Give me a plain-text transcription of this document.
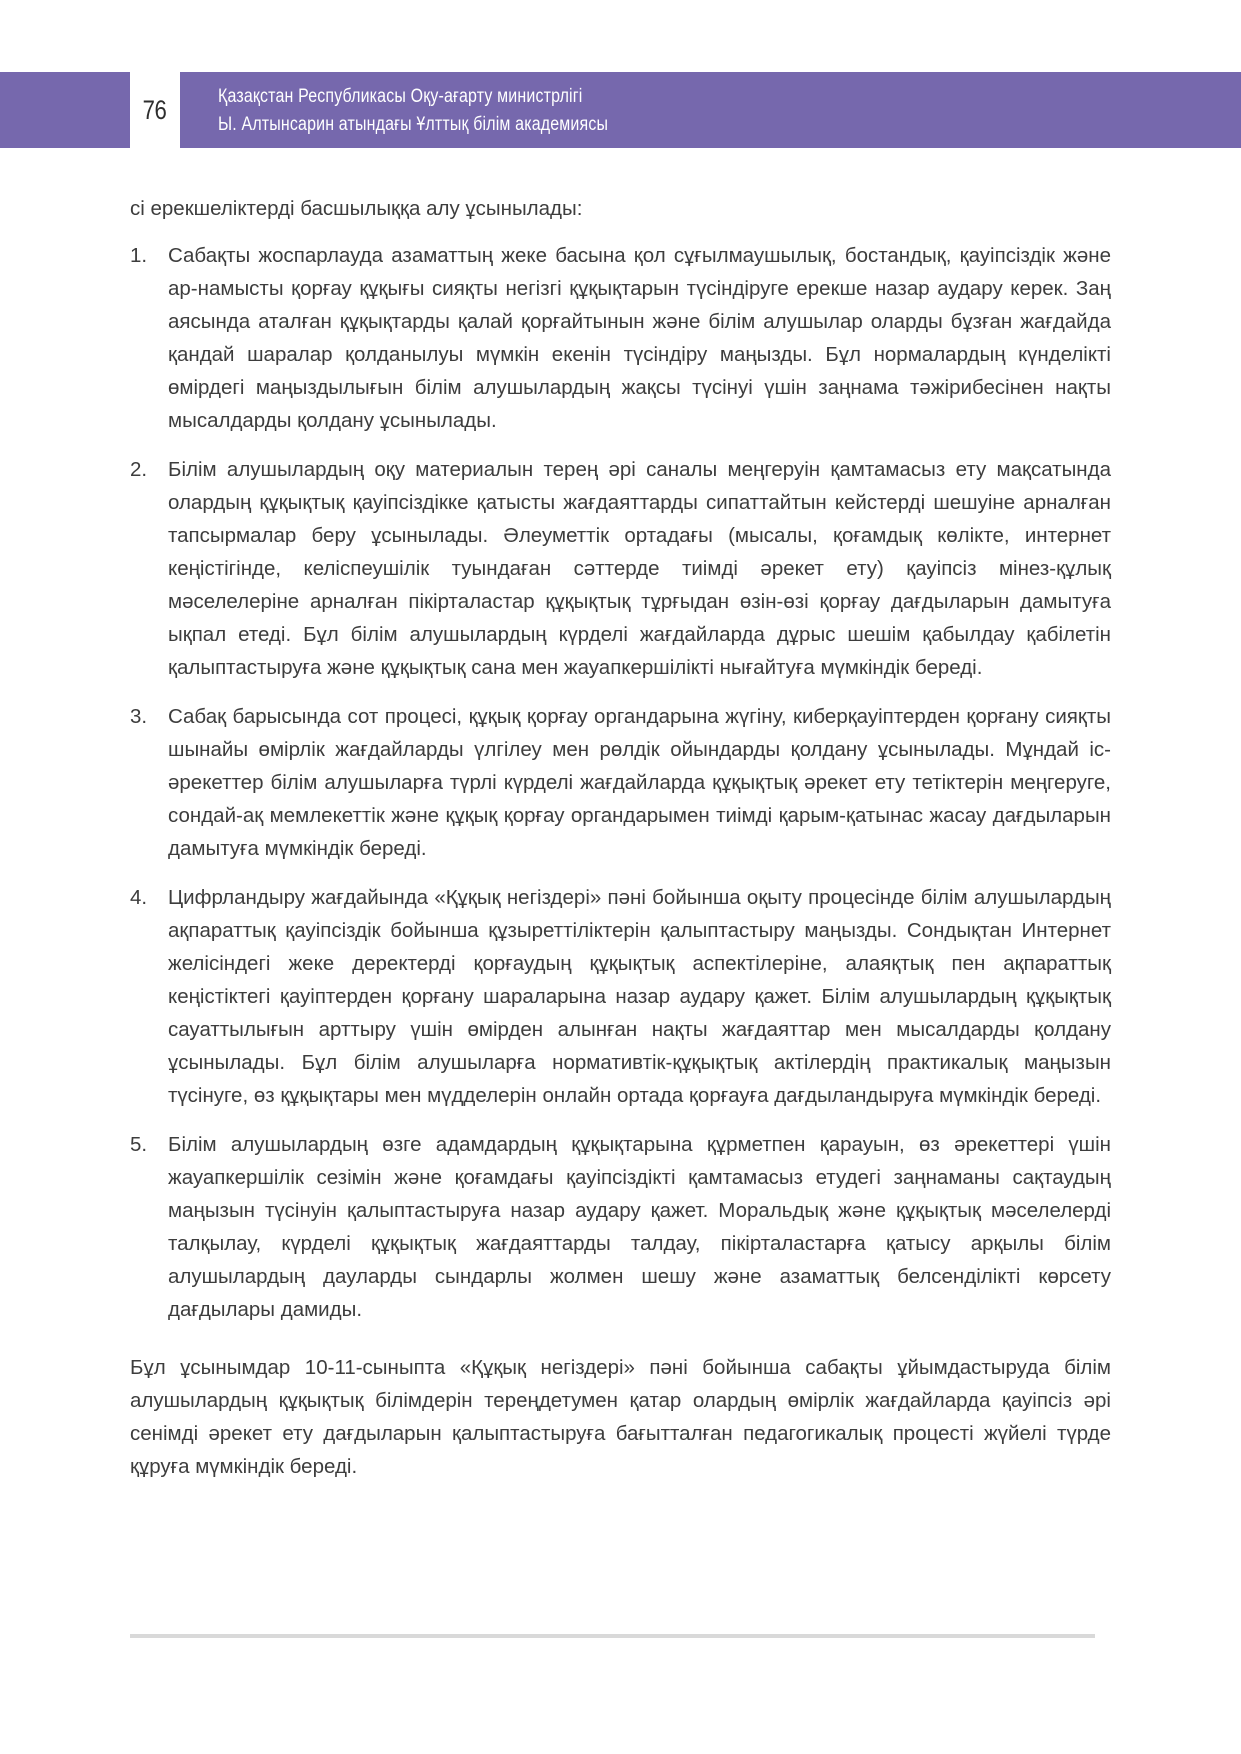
76	Қазақстан Республикасы Оқу-ағарту министрлігі
Ы. Алтынсарин атындағы Ұлттық білім академиясы

сі ерекшеліктерді басшылыққа алу ұсынылады:

1.	Сабақты жоспарлауда азаматтың жеке басына қол сұғылмаушылық, бостандық, қауіпсіздік және ар-намысты қорғау құқығы сияқты негізгі құқықтарын түсіндіруге ерекше назар аудару керек. Заң аясында аталған құқықтарды қалай қорғайтынын және білім алушылар оларды бұзған жағдайда қандай шаралар қолданылуы мүмкін екенін түсіндіру маңызды. Бұл нормалардың күнделікті өмірдегі маңыздылығын білім алушылардың жақсы түсінуі үшін заңнама тәжірибесінен нақты мысалдарды қолдану ұсынылады.

2.	Білім алушылардың оқу материалын терең әрі саналы меңгеруін қамтамасыз ету мақсатында олардың құқықтық қауіпсіздікке қатысты жағдаяттарды сипаттайтын кейстерді шешуіне арналған тапсырмалар беру ұсынылады. Әлеуметтік ортадағы (мысалы, қоғамдық көлікте, интернет кеңістігінде, келіспеушілік туындаған сәттерде тиімді әрекет ету) қауіпсіз мінез-құлық мәселелеріне арналған пікірталастар құқықтық тұрғыдан өзін-өзі қорғау дағдыларын дамытуға ықпал етеді. Бұл білім алушылардың күрделі жағдайларда дұрыс шешім қабылдау қабілетін қалыптастыруға және құқықтық сана мен жауапкершілікті нығайтуға мүмкіндік береді.

3.	Сабақ барысында сот процесі, құқық қорғау органдарына жүгіну, киберқауіптерден қорғану сияқты шынайы өмірлік жағдайларды үлгілеу мен рөлдік ойындарды қолдану ұсынылады. Мұндай іс-әрекеттер білім алушыларға түрлі күрделі жағдайларда құқықтық әрекет ету тетіктерін меңгеруге, сондай-ақ мемлекеттік және құқық қорғау органдарымен тиімді қарым-қатынас жасау дағдыларын дамытуға мүмкіндік береді.

4.	Цифрландыру жағдайында «Құқық негіздері» пәні бойынша оқыту процесінде білім алушылардың ақпараттық қауіпсіздік бойынша құзыреттіліктерін қалыптастыру маңызды. Сондықтан Интернет желісіндегі жеке деректерді қорғаудың құқықтық аспектілеріне, алаяқтық пен ақпараттық кеңістіктегі қауіптерден қорғану шараларына назар аудару қажет. Білім алушылардың құқықтық сауаттылығын арттыру үшін өмірден алынған нақты жағдаяттар мен мысалдарды қолдану ұсынылады. Бұл білім алушыларға нормативтік-құқықтық актілердің практикалық маңызын түсінуге, өз құқықтары мен мүдделерін онлайн ортада қорғауға дағдыландыруға мүмкіндік береді.

5.	Білім алушылардың өзге адамдардың құқықтарына құрметпен қарауын, өз әрекеттері үшін жауапкершілік сезімін және қоғамдағы қауіпсіздікті қамтамасыз етудегі заңнаманы сақтаудың маңызын түсінуін қалыптастыруға назар аудару қажет. Моральдық және құқықтық мәселелерді талқылау, күрделі құқықтық жағдаяттарды талдау, пікірталастарға қатысу арқылы білім алушылардың дауларды сындарлы жолмен шешу және азаматтық белсенділікті көрсету дағдылары дамиды.

Бұл ұсынымдар 10-11-сыныпта «Құқық негіздері» пәні бойынша сабақты ұйымдастыруда білім алушылардың құқықтық білімдерін тереңдетумен қатар олардың өмірлік жағдайларда қауіпсіз әрі сенімді әрекет ету дағдыларын қалыптастыруға бағытталған педагогикалық процесті жүйелі түрде құруға мүмкіндік береді.
